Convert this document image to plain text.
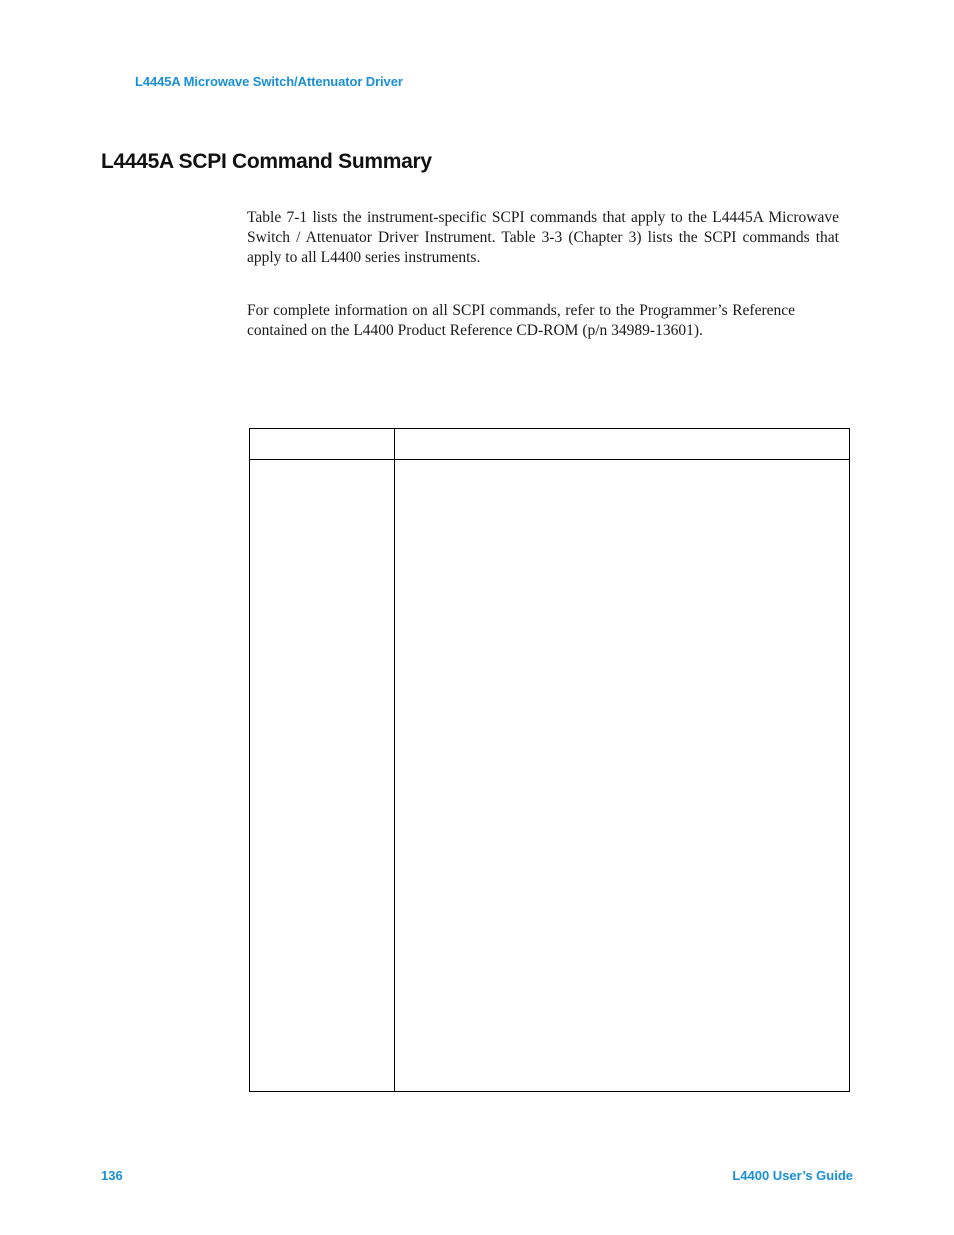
L4445A Microwave Switch/Attenuator Driver
L4445A SCPI Command Summary
Table 7-1 lists the instrument-specific SCPI commands that apply to the L4445A Microwave Switch / Attenuator Driver Instrument. Table 3-3 (Chapter 3) lists the SCPI commands that apply to all L4400 series instruments.
For complete information on all SCPI commands, refer to the Programmer’s Reference contained on the L4400 Product Reference CD-ROM (p/n 34989-13601).
136	L4400 User’s Guide
